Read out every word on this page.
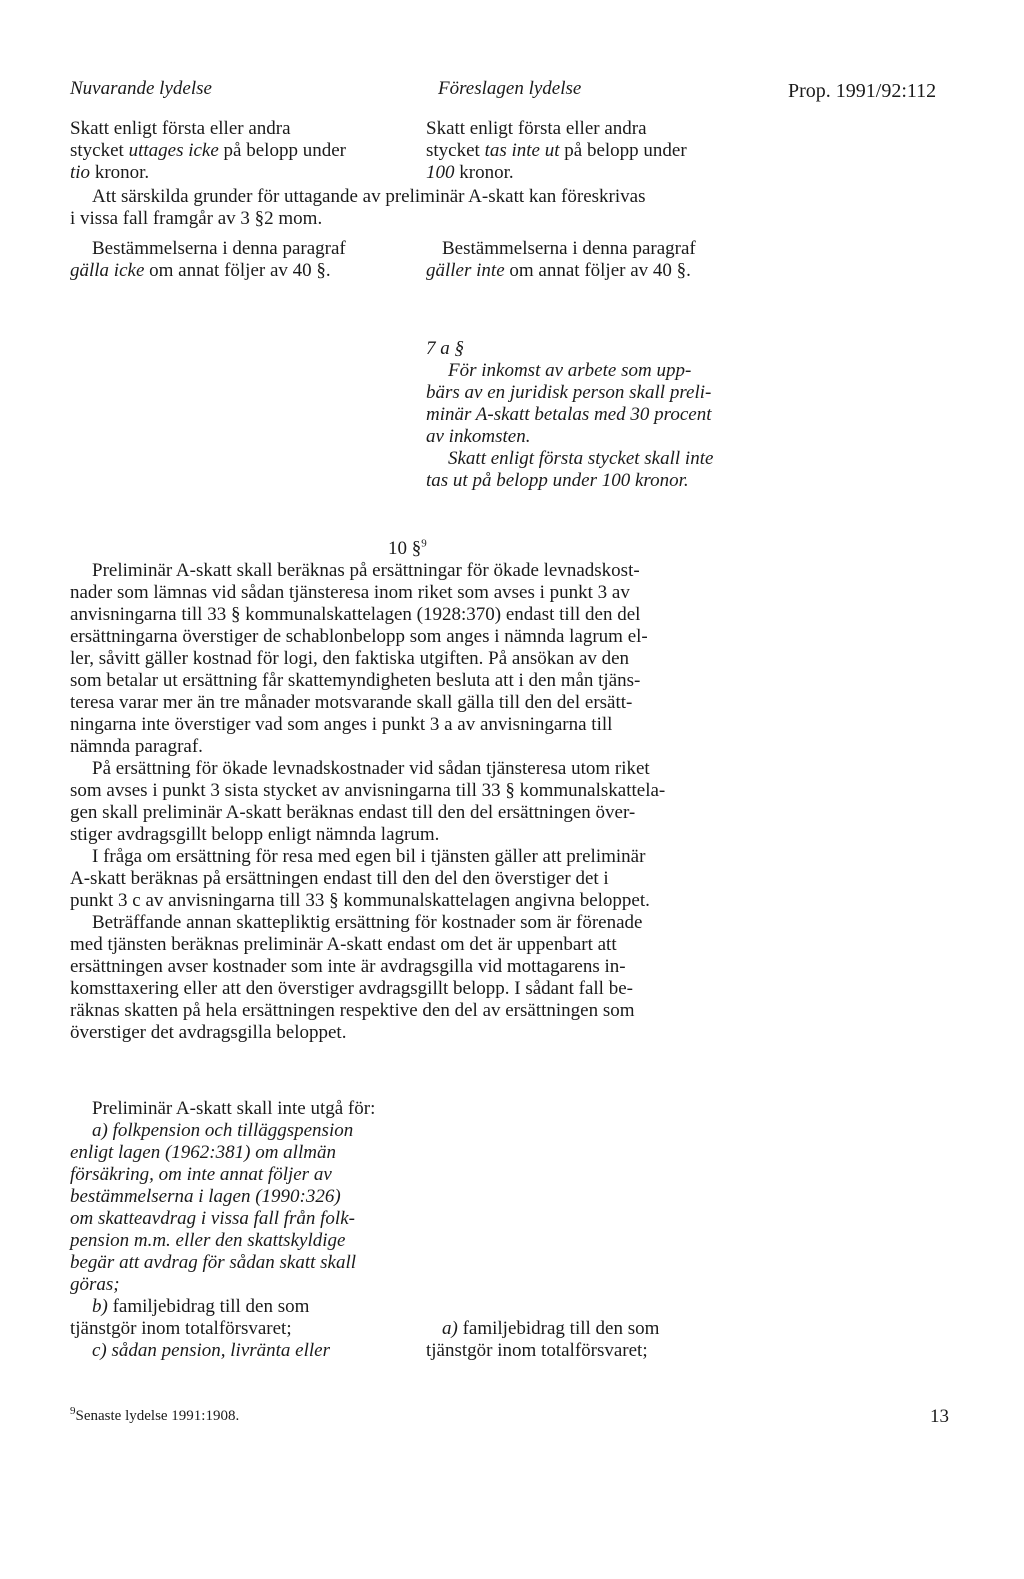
Nuvarande lydelse	Föreslagen lydelse	Prop. 1991/92:112

Skatt enligt första eller andra

stycket uttages icke på belopp under

tio kronor.

Skatt enligt första eller andra

stycket tas inte ut på belopp under

100 kronor.

Att särskilda grunder för uttagande av preliminär A-skatt kan föreskrivas

i vissa fall framgår av 3 §2 mom.

Bestämmelserna i denna paragraf

gälla icke om annat följer av 40 §.

Bestämmelserna i denna paragraf

gäller inte om annat följer av 40 §.

7 a §

För inkomst av arbete som upp-

bärs av en juridisk person skall preli-

minär A-skatt betalas med 30 procent

av inkomsten.

Skatt enligt första stycket skall inte

tas ut på belopp under 100 kronor.

10 §$^9$

Preliminär A-skatt skall beräknas på ersättningar för ökade levnadskost-

nader som lämnas vid sådan tjänsteresa inom riket som avses i punkt 3 av

anvisningarna till 33 § kommunalskattelagen (1928:370) endast till den del

ersättningarna överstiger de schablonbelopp som anges i nämnda lagrum el-

ler, såvitt gäller kostnad för logi, den faktiska utgiften. På ansökan av den

som betalar ut ersättning får skattemyndigheten besluta att i den mån tjäns-

teresa varar mer än tre månader motsvarande skall gälla till den del ersätt-

ningarna inte överstiger vad som anges i punkt 3 a av anvisningarna till

nämnda paragraf.

På ersättning för ökade levnadskostnader vid sådan tjänsteresa utom riket

som avses i punkt 3 sista stycket av anvisningarna till 33 § kommunalskattela-

gen skall preliminär A-skatt beräknas endast till den del ersättningen över-

stiger avdragsgillt belopp enligt nämnda lagrum.

I fråga om ersättning för resa med egen bil i tjänsten gäller att preliminär

A-skatt beräknas på ersättningen endast till den del den överstiger det i

punkt 3 c av anvisningarna till 33 § kommunalskattelagen angivna beloppet.

Beträffande annan skattepliktig ersättning för kostnader som är förenade

med tjänsten beräknas preliminär A-skatt endast om det är uppenbart att

ersättningen avser kostnader som inte är avdragsgilla vid mottagarens in-

komsttaxering eller att den överstiger avdragsgillt belopp. I sådant fall be-

räknas skatten på hela ersättningen respektive den del av ersättningen som

överstiger det avdragsgilla beloppet.

Preliminär A-skatt skall inte utgå för:

a) folkpension och tilläggspension

enligt lagen (1962:381) om allmän

försäkring, om inte annat följer av

bestämmelserna i lagen (1990:326)

om skatteavdrag i vissa fall från folk-

pension m.m. eller den skattskyldige

begär att avdrag för sådan skatt skall

göras;

b) familjebidrag till den som

tjänstgör inom totalförsvaret;

c) sådan pension, livränta eller

a) familjebidrag till den som

tjänstgör inom totalförsvaret;

$^9$Senaste lydelse 1991:1908.	13
